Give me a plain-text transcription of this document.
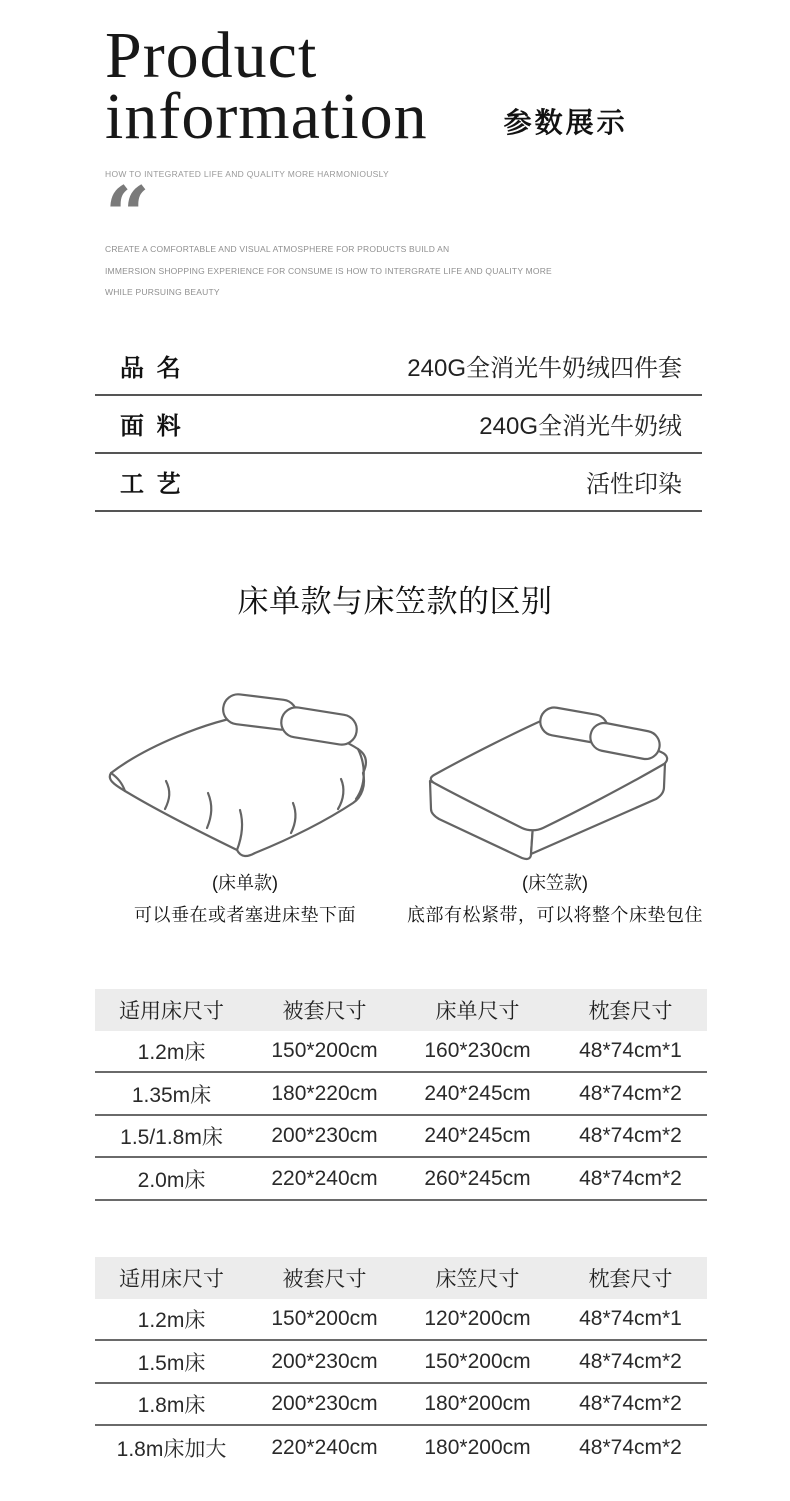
Product
information	参数展示

HOW TO INTEGRATED LIFE AND QUALITY MORE HARMONIOUSLY

“

CREATE A COMFORTABLE AND VISUAL ATMOSPHERE FOR PRODUCTS BUILD AN

IMMERSION SHOPPING EXPERIENCE FOR CONSUME IS HOW TO INTERGRATE LIFE AND QUALITY MORE

WHILE PURSUING BEAUTY

品 名	240G全消光牛奶绒四件套
面 料	240G全消光牛奶绒
工 艺	活性印染
床单款与床笠款的区别
(床单款)
可以垂在或者塞进床垫下面
(床笠款)
底部有松紧带，可以将整个床垫包住
适用床尺寸	被套尺寸	床单尺寸	枕套尺寸
1.2m床	150*200cm	160*230cm	48*74cm*1
1.35m床	180*220cm	240*245cm	48*74cm*2
1.5/1.8m床	200*230cm	240*245cm	48*74cm*2
2.0m床	220*240cm	260*245cm	48*74cm*2
适用床尺寸	被套尺寸	床笠尺寸	枕套尺寸
1.2m床	150*200cm	120*200cm	48*74cm*1
1.5m床	200*230cm	150*200cm	48*74cm*2
1.8m床	200*230cm	180*200cm	48*74cm*2
1.8m床加大	220*240cm	180*200cm	48*74cm*2
